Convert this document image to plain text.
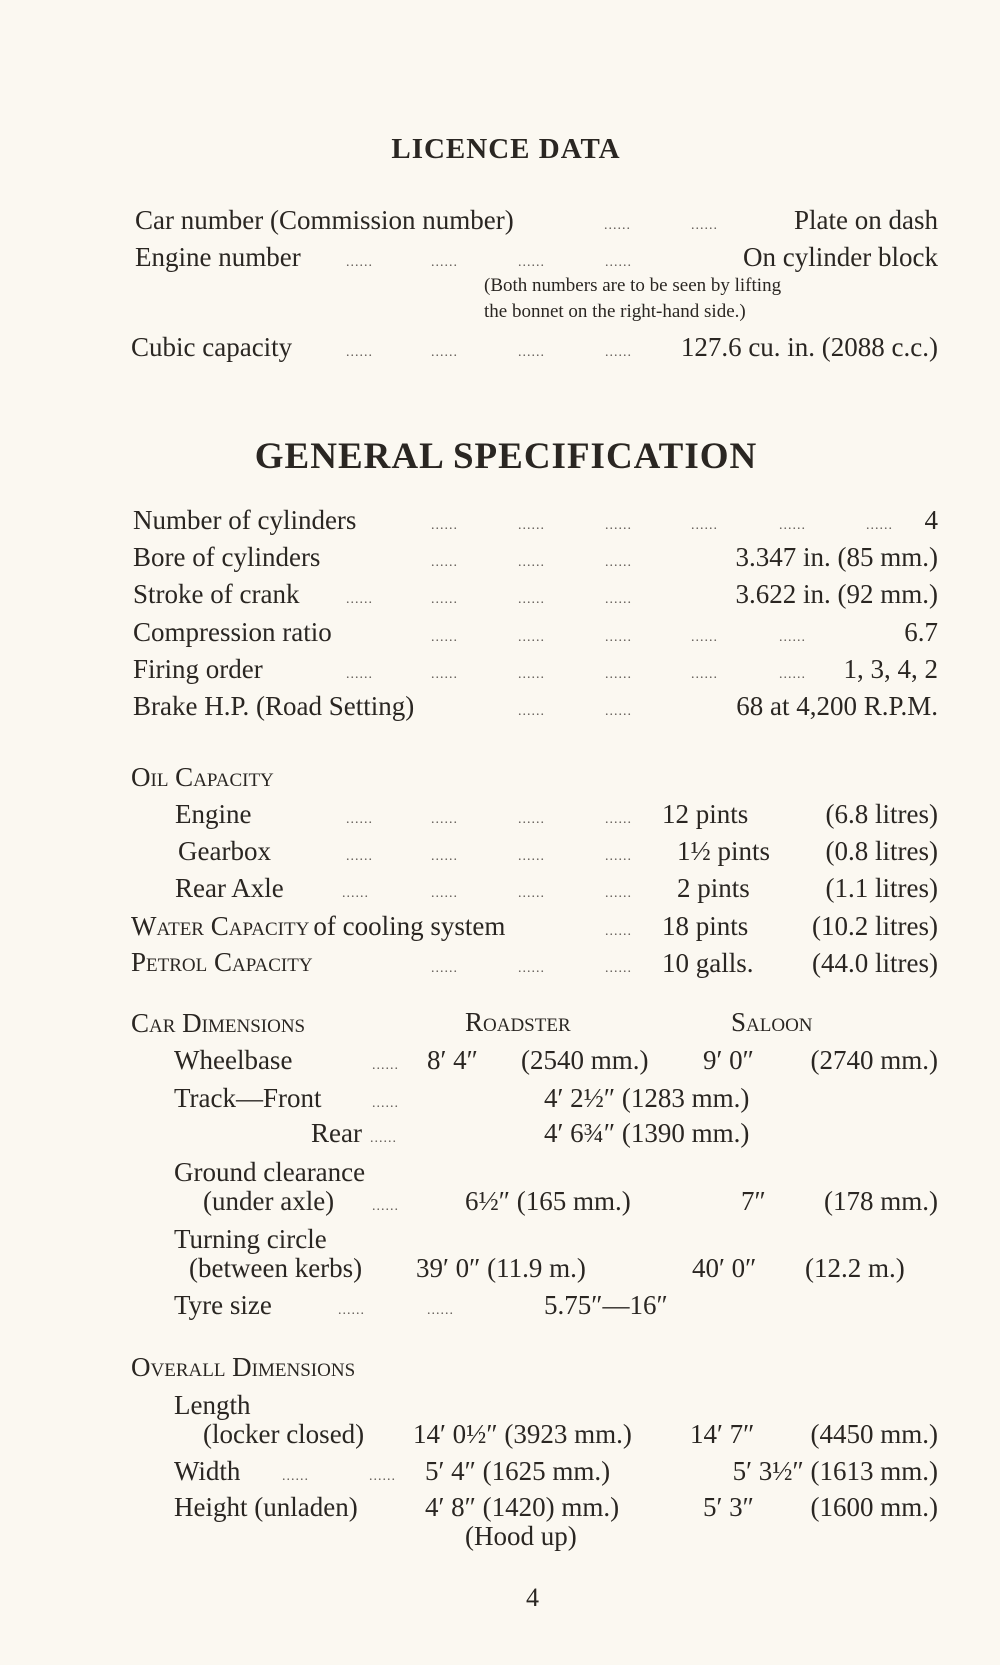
LICENCE DATA
Car number (Commission number)	......	......	Plate on dash
Engine number	......	......	......	......	On cylinder block
(Both numbers are to be seen by lifting
the bonnet on the right-hand side.)
Cubic capacity	......	......	......	...... 127.6 cu. in. (2088 c.c.)
GENERAL SPECIFICATION
Number of cylinders	......	......	......	......	......	...... 4
Bore of cylinders	......	......	......	3.347 in. (85 mm.)
Stroke of crank	......	......	......	......	3.622 in. (92 mm.)
Compression ratio	......	......	......	......	......	6.7
Firing order	......	......	......	......	......	...... 1, 3, 4, 2
Brake H.P. (Road Setting)	......	......	68 at 4,200 R.P.M.
Oil Capacity
Engine	......	......	......	...... 12 pints	(6.8 litres)
Gearbox	......	......	......	...... 1½ pints (0.8 litres)
Rear Axle	......	......	......	...... 2 pints	(1.1 litres)
Water Capacity of cooling system	...... 18 pints (10.2 litres)
Petrol Capacity	......	......	...... 10 galls. (44.0 litres)
Car Dimensions	Roadster	Saloon
Wheelbase	...... 8′ 4″ (2540 mm.) 9′ 0″ (2740 mm.)
Track—Front	......	4′ 2½″ (1283 mm.)
Rear ......	4′ 6¾″ (1390 mm.)
Ground clearance
(under axle)	...... 6½″ (165 mm.)	7″ (178 mm.)
Turning circle
(between kerbs) 39′ 0″ (11.9 m.)	40′ 0″ (12.2 m.)
Tyre size	......	......	5.75″—16″
Overall Dimensions
Length
(locker closed) 14′ 0½″ (3923 mm.) 14′ 7″ (4450 mm.)
Width	......	...... 5′ 4″ (1625 mm.)	5′ 3½″ (1613 mm.)
Height (unladen) 4′ 8″ (1420) mm.)	5′ 3″ (1600 mm.)
(Hood up)
4
